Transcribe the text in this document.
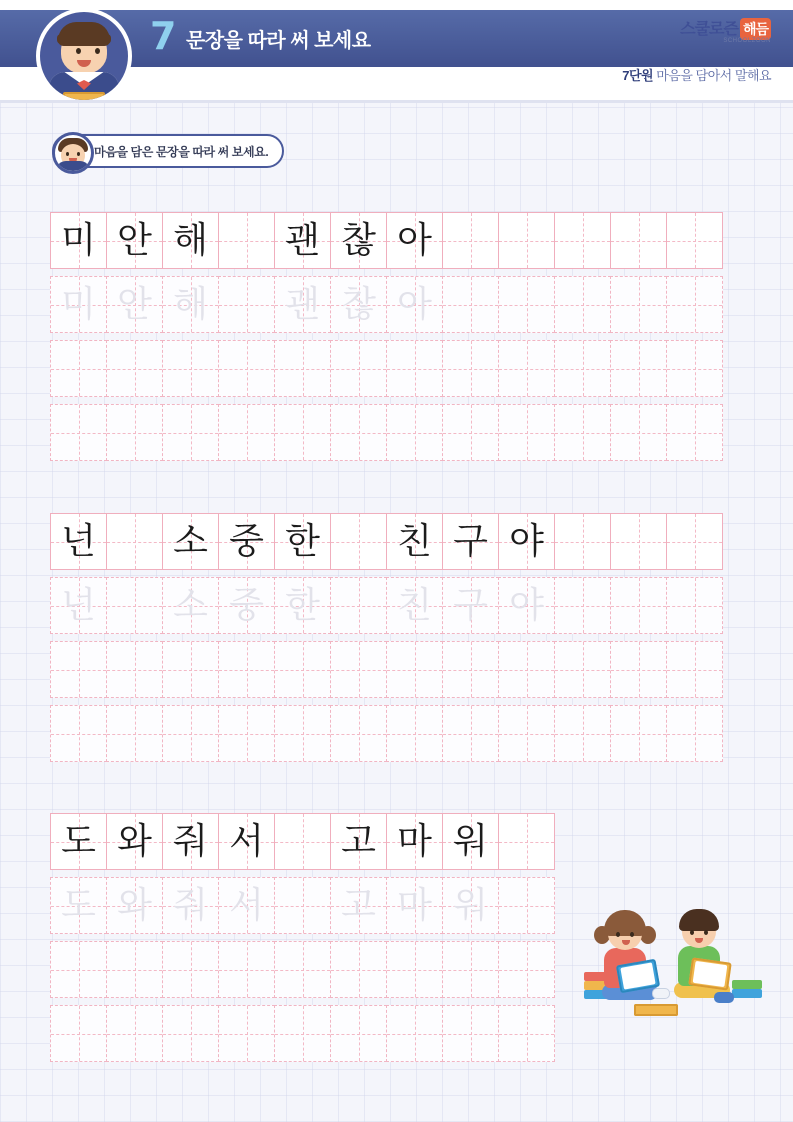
7 문장을 따라 써 보세요
스쿨로즌 해듬
SCHOOLZOON
7단원 마음을 담아서 말해요
마음을 담은 문장을 따라 써 보세요.
미 안 해 괜 찮 아
미 안 해 괜 찮 아
넌 소 중 한 친 구 야
넌 소 중 한 친 구 야
도 와 줘 서 고 마 워
도 와 줘 서 고 마 워
